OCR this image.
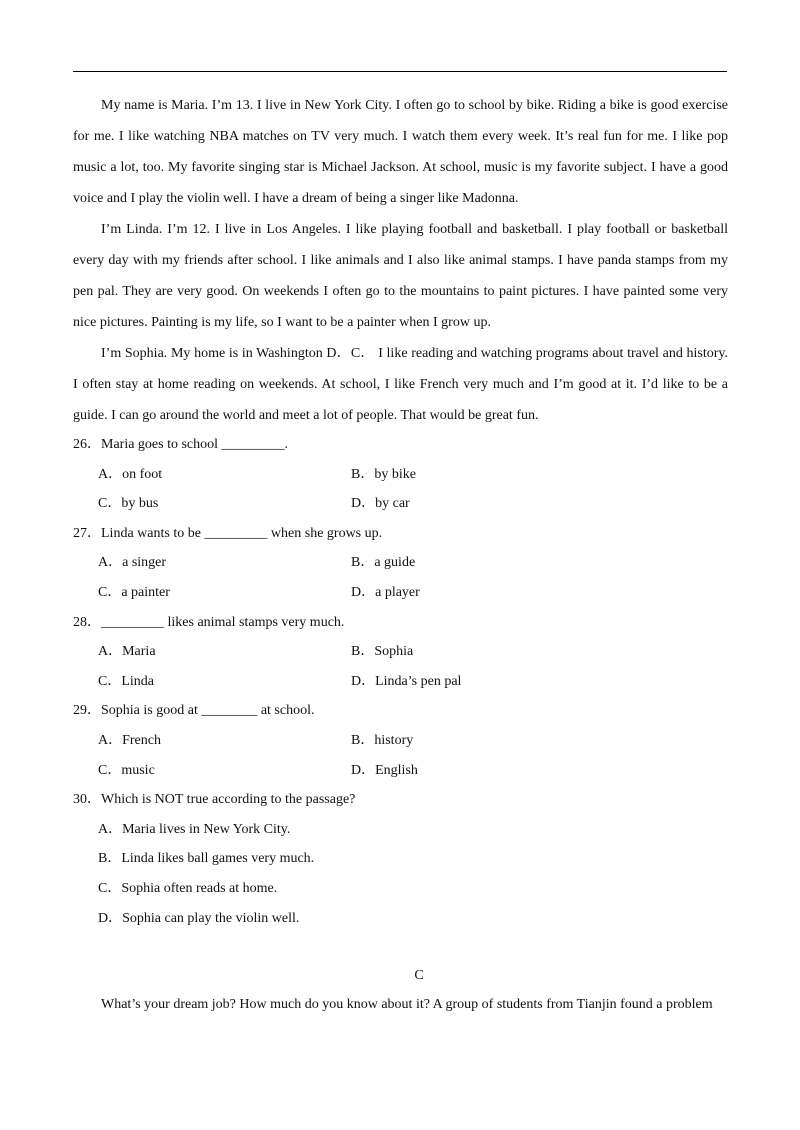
My name is Maria. I’m 13. I live in New York City. I often go to school by bike. Riding a bike is good exercise for me. I like watching NBA matches on TV very much. I watch them every week. It’s real fun for me. I like pop music a lot, too. My favorite singing star is Michael Jackson. At school, music is my favorite subject. I have a good voice and I play the violin well. I have a dream of being a singer like Madonna.

I’m Linda. I’m 12. I live in Los Angeles. I like playing football and basketball. I play football or basketball every day with my friends after school. I like animals and I also like animal stamps. I have panda stamps from my pen pal. They are very good. On weekends I often go to the mountains to paint pictures. I have painted some very nice pictures. Painting is my life, so I want to be a painter when I grow up.

I’m Sophia. My home is in Washington D．C． I like reading and watching programs about travel and history. I often stay at home reading on weekends. At school, I like French very much and I’m good at it. I’d like to be a guide. I can go around the world and meet a lot of people. That would be great fun.

26．Maria goes to school _________.
A．on foot	B．by bike
C．by bus	D．by car
27．Linda wants to be _________ when she grows up.
A．a singer	B．a guide
C．a painter	D．a player
28．_________ likes animal stamps very much.
A．Maria	B．Sophia
C．Linda	D．Linda’s pen pal
29．Sophia is good at ________ at school.
A．French	B．history
C．music	D．English
30．Which is NOT true according to the passage?
A．Maria lives in New York City.
B．Linda likes ball games very much.
C．Sophia often reads at home.
D．Sophia can play the violin well.
C
What’s your dream job? How much do you know about it? A group of students from Tianjin found a problem
